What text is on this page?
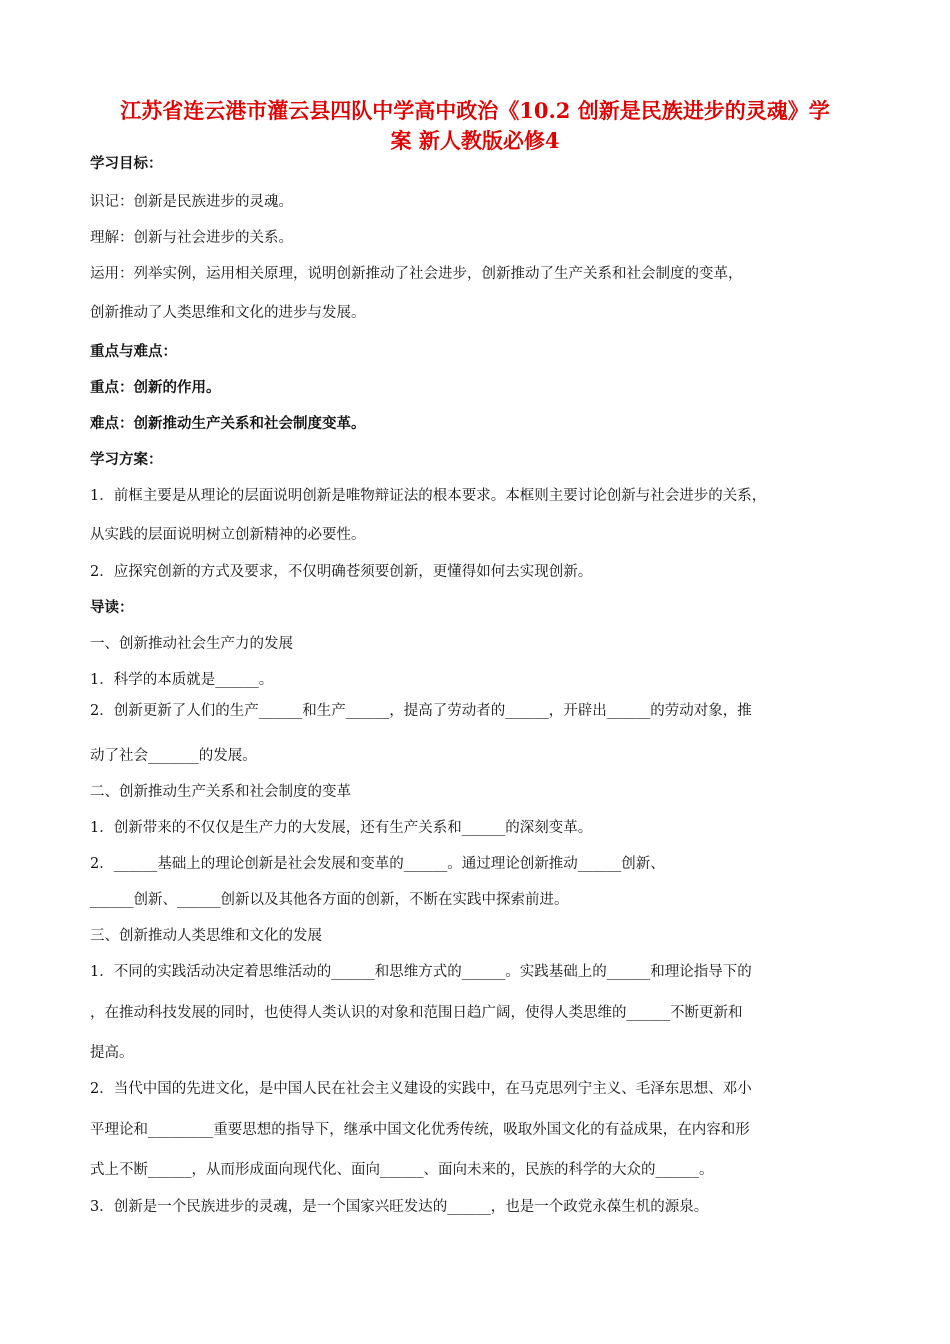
江苏省连云港市灌云县四队中学高中政治《10.2 创新是民族进步的灵魂》学
案 新人教版必修4
学习目标：
识记：创新是民族进步的灵魂。
理解：创新与社会进步的关系。
运用：列举实例，运用相关原理，说明创新推动了社会进步，创新推动了生产关系和社会制度的变革，
创新推动了人类思维和文化的进步与发展。
重点与难点：
重点：创新的作用。
难点：创新推动生产关系和社会制度变革。
学习方案：
1．前框主要是从理论的层面说明创新是唯物辩证法的根本要求。本框则主要讨论创新与社会进步的关系，
从实践的层面说明树立创新精神的必要性。
2．应探究创新的方式及要求，不仅明确苍须要创新，更懂得如何去实现创新。
导读：
一、创新推动社会生产力的发展
1．科学的本质就是______。
2．创新更新了人们的生产______和生产______，提高了劳动者的______，开辟出______的劳动对象，推
动了社会_______的发展。
二、创新推动生产关系和社会制度的变革
1．创新带来的不仅仅是生产力的大发展，还有生产关系和______的深刻变革。
2．______基础上的理论创新是社会发展和变革的______。通过理论创新推动______创新、
______创新、______创新以及其他各方面的创新，不断在实践中探索前进。
三、创新推动人类思维和文化的发展
1．不同的实践活动决定着思维活动的______和思维方式的______。实践基础上的______和理论指导下的
，在推动科技发展的同时，也使得人类认识的对象和范围日趋广阔，使得人类思维的______不断更新和
提高。
2．当代中国的先进文化，是中国人民在社会主义建设的实践中，在马克思列宁主义、毛泽东思想、邓小
平理论和_________重要思想的指导下，继承中国文化优秀传统，吸取外国文化的有益成果，在内容和形
式上不断______，从而形成面向现代化、面向______、面向未来的，民族的科学的大众的______。
3．创新是一个民族进步的灵魂，是一个国家兴旺发达的______，也是一个政党永葆生机的源泉。
